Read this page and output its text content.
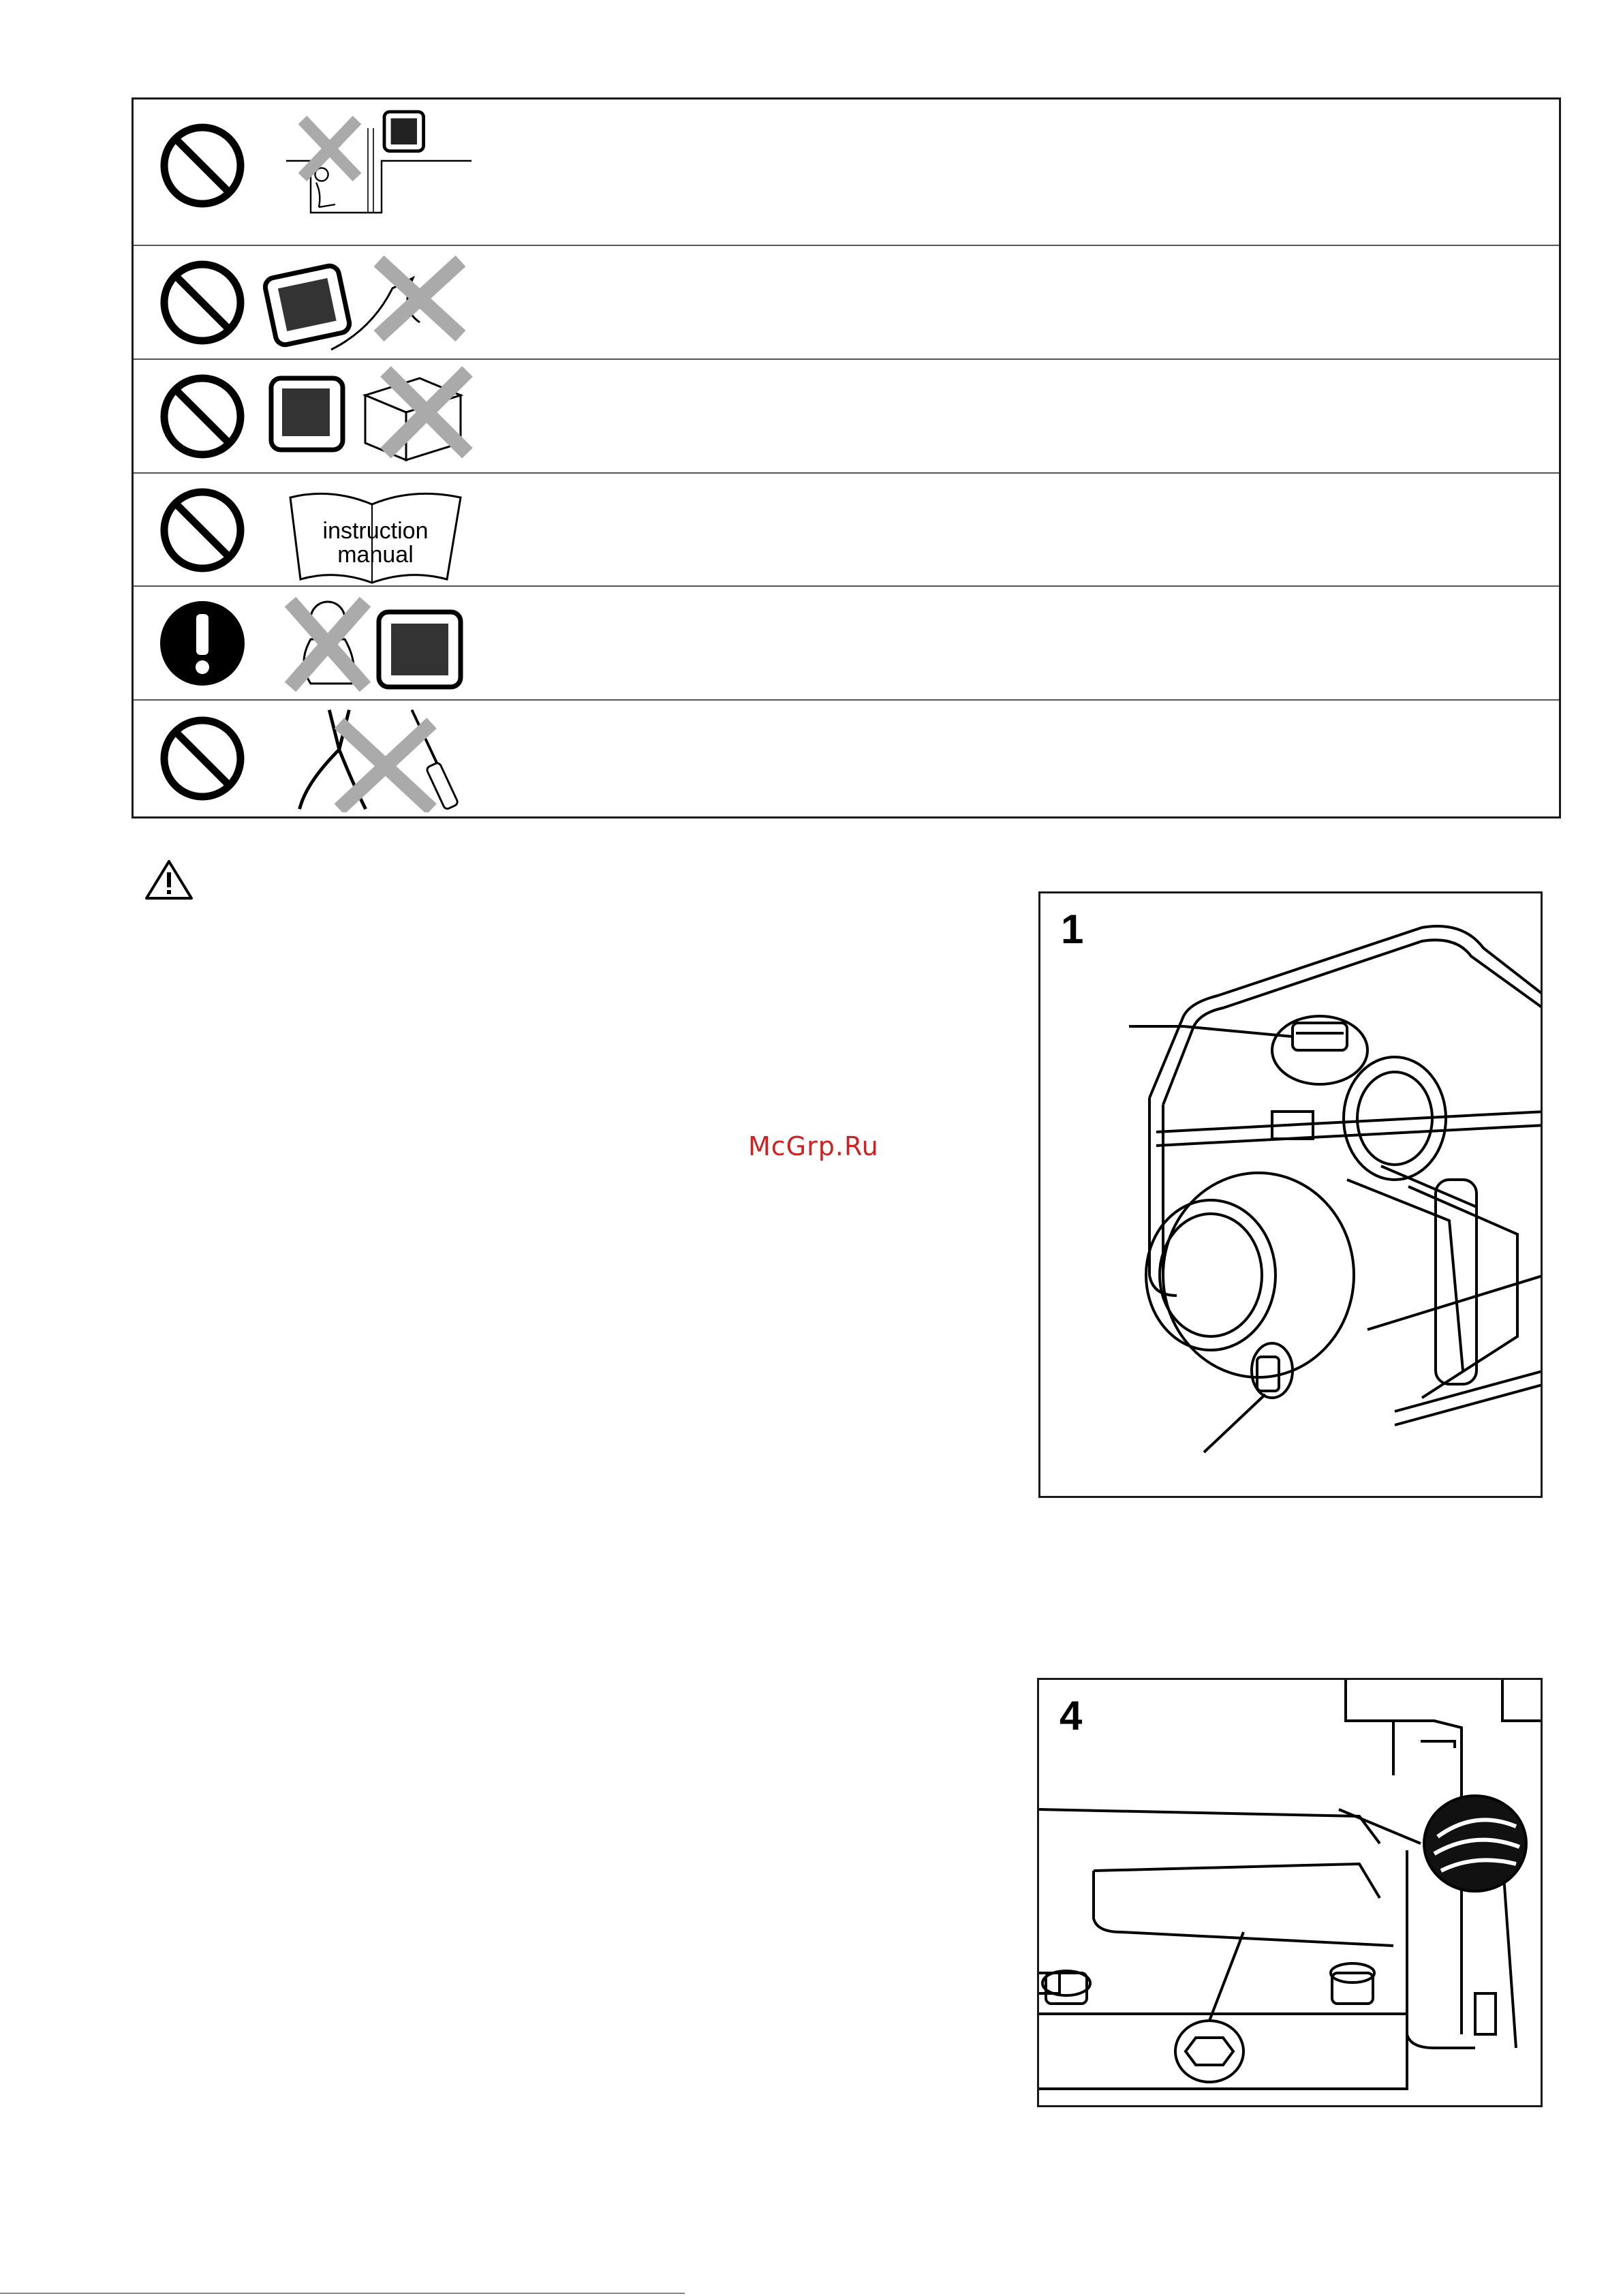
instruction
manual
McGrp.Ru
1
4
